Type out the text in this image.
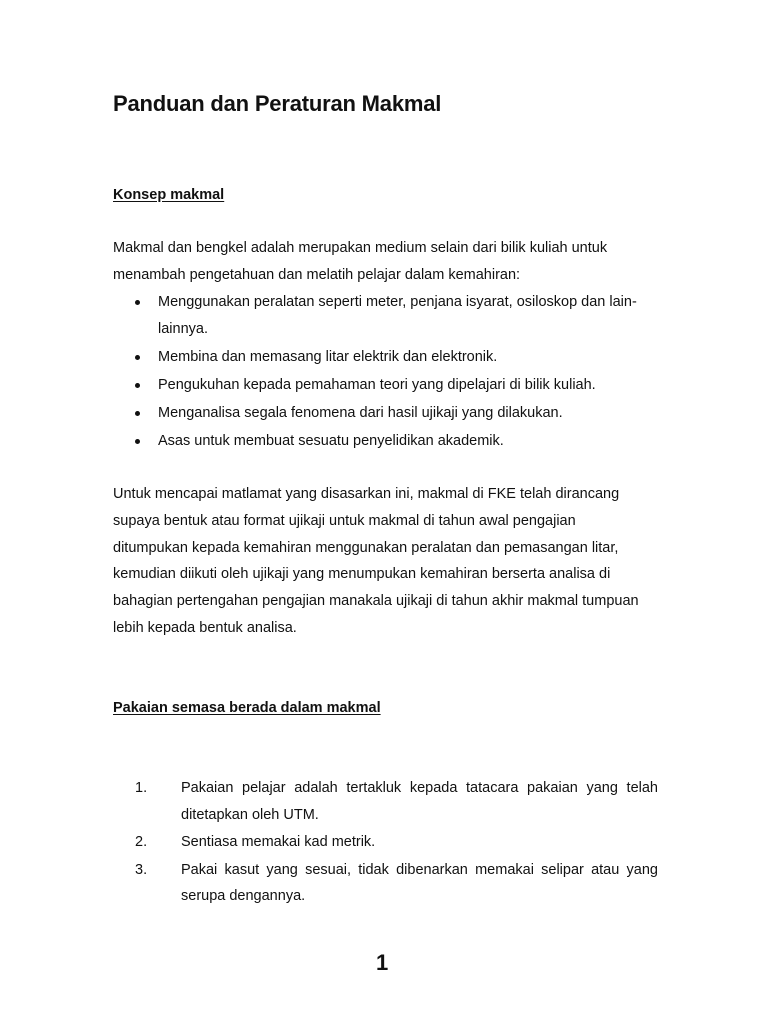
Panduan dan Peraturan Makmal
Konsep makmal

Makmal dan bengkel adalah merupakan medium selain dari bilik kuliah untuk menambah pengetahuan dan melatih pelajar dalam kemahiran:

Menggunakan peralatan seperti meter, penjana isyarat, osiloskop dan lain-lainnya.
Membina dan memasang litar elektrik dan elektronik.
Pengukuhan kepada pemahaman teori yang dipelajari di bilik kuliah.
Menganalisa segala fenomena dari hasil ujikaji yang dilakukan.
Asas untuk membuat sesuatu penyelidikan akademik.

Untuk mencapai matlamat yang disasarkan ini, makmal di FKE telah dirancang supaya bentuk atau format ujikaji untuk makmal di tahun awal pengajian ditumpukan kepada kemahiran menggunakan peralatan dan pemasangan litar, kemudian diikuti oleh ujikaji yang menumpukan kemahiran berserta analisa di bahagian pertengahan pengajian manakala ujikaji di tahun akhir makmal tumpuan lebih kepada bentuk analisa.

Pakaian semasa berada dalam makmal
1. Pakaian pelajar adalah tertakluk kepada tatacara pakaian yang telah ditetapkan oleh UTM.
2. Sentiasa memakai kad metrik.
3. Pakai kasut yang sesuai, tidak dibenarkan memakai selipar atau yang serupa dengannya.

1
